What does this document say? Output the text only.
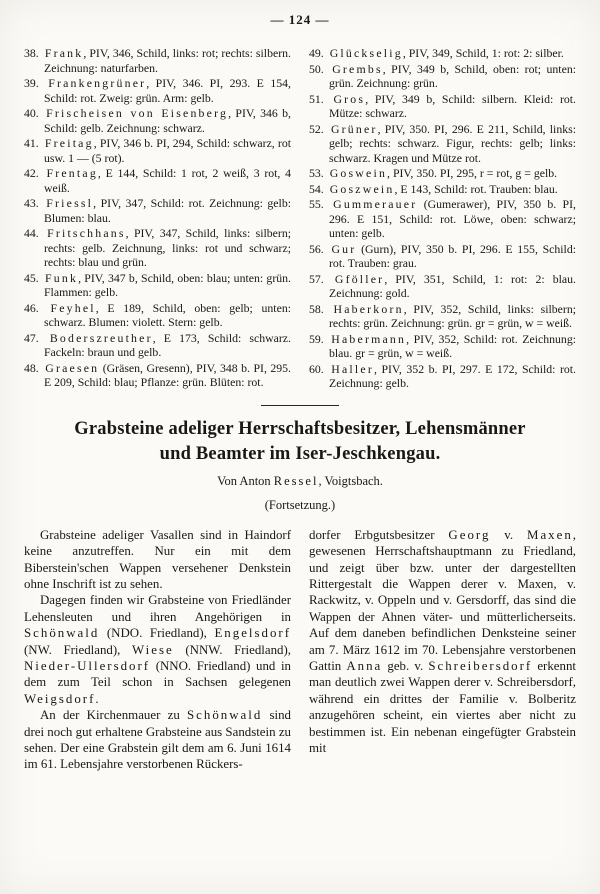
— 124 —
38. Frank, PIV, 346, Schild, links: rot; rechts: silbern. Zeichnung: naturfarben.
39. Frankengrüner, PIV, 346. PI, 293. E 154, Schild: rot. Zweig: grün. Arm: gelb.
40. Frischeisen von Eisenberg, PIV, 346 b, Schild: gelb. Zeichnung: schwarz.
41. Freitag, PIV, 346 b. PI, 294, Schild: schwarz, rot usw. 1 — (5 rot).
42. Frentag, E 144, Schild: 1 rot, 2 weiß, 3 rot, 4 weiß.
43. Friessl, PIV, 347, Schild: rot. Zeichnung: gelb: Blumen: blau.
44. Fritschhans, PIV, 347, Schild, links: silbern; rechts: gelb. Zeichnung, links: rot und schwarz; rechts: blau und grün.
45. Funk, PIV, 347 b, Schild, oben: blau; unten: grün. Flammen: gelb.
46. Feyhel, E 189, Schild, oben: gelb; unten: schwarz. Blumen: violett. Stern: gelb.
47. Boderszreuther, E 173, Schild: schwarz. Fackeln: braun und gelb.
48. Graesen (Gräsen, Gresenn), PIV, 348 b. PI, 295. E 209, Schild: blau; Pflanze: grün. Blüten: rot.
49. Glückselig, PIV, 349, Schild, 1: rot: 2: silber.
50. Grembs, PIV, 349 b, Schild, oben: rot; unten: grün. Zeichnung: grün.
51. Gros, PIV, 349 b, Schild: silbern. Kleid: rot. Mütze: schwarz.
52. Grüner, PIV, 350. PI, 296. E 211, Schild, links: gelb; rechts: schwarz. Figur, rechts: gelb; links: schwarz. Kragen und Mütze rot.
53. Goswein, PIV, 350. PI, 295, r = rot, g = gelb.
54. Goszwein, E 143, Schild: rot. Trauben: blau.
55. Gummerauer (Gumerawer), PIV, 350 b. PI, 296. E 151, Schild: rot. Löwe, oben: schwarz; unten: gelb.
56. Gur (Gurn), PIV, 350 b. PI, 296. E 155, Schild: rot. Trauben: grau.
57. Gföller, PIV, 351, Schild, 1: rot: 2: blau. Zeichnung: gold.
58. Haberkorn, PIV, 352, Schild, links: silbern; rechts: grün. Zeichnung: grün. gr = grün, w = weiß.
59. Habermann, PIV, 352, Schild: rot. Zeichnung: blau. gr = grün, w = weiß.
60. Haller, PIV, 352 b. PI, 297. E 172, Schild: rot. Zeichnung: gelb.
Grabsteine adeliger Herrschaftsbesitzer, Lehensmänner
und Beamter im Iser-Jeschkengau.
Von Anton Ressel, Voigtsbach.
(Fortsetzung.)

Grabsteine adeliger Vasallen sind in Haindorf keine anzutreffen. Nur ein mit dem Biberstein'schen Wappen versehener Denkstein ohne Inschrift ist zu sehen.

Dagegen finden wir Grabsteine von Friedländer Lehensleuten und ihren Angehörigen in Schönwald (NDO. Friedland), Engelsdorf (NW. Friedland), Wiese (NNW. Friedland), Nieder-Ullersdorf (NNO. Friedland) und in dem zum Teil schon in Sachsen gelegenen Weigsdorf.

An der Kirchenmauer zu Schönwald sind drei noch gut erhaltene Grabsteine aus Sandstein zu sehen. Der eine Grabstein gilt dem am 6. Juni 1614 im 61. Lebensjahre verstorbenen Rückers-

dorfer Erbgutsbesitzer Georg v. Maxen, gewesenen Herrschaftshauptmann zu Friedland, und zeigt über bzw. unter der dargestellten Rittergestalt die Wappen derer v. Maxen, v. Rackwitz, v. Oppeln und v. Gersdorff, das sind die Wappen der Ahnen väter- und mütterlicherseits. Auf dem daneben befindlichen Denksteine seiner am 7. März 1612 im 70. Lebensjahre verstorbenen Gattin Anna geb. v. Schreibersdorf erkennt man deutlich zwei Wappen derer v. Schreibersdorf, während ein drittes der Familie v. Bolberitz anzugehören scheint, ein viertes aber nicht zu bestimmen ist. Ein nebenan eingefügter Grabstein mit
